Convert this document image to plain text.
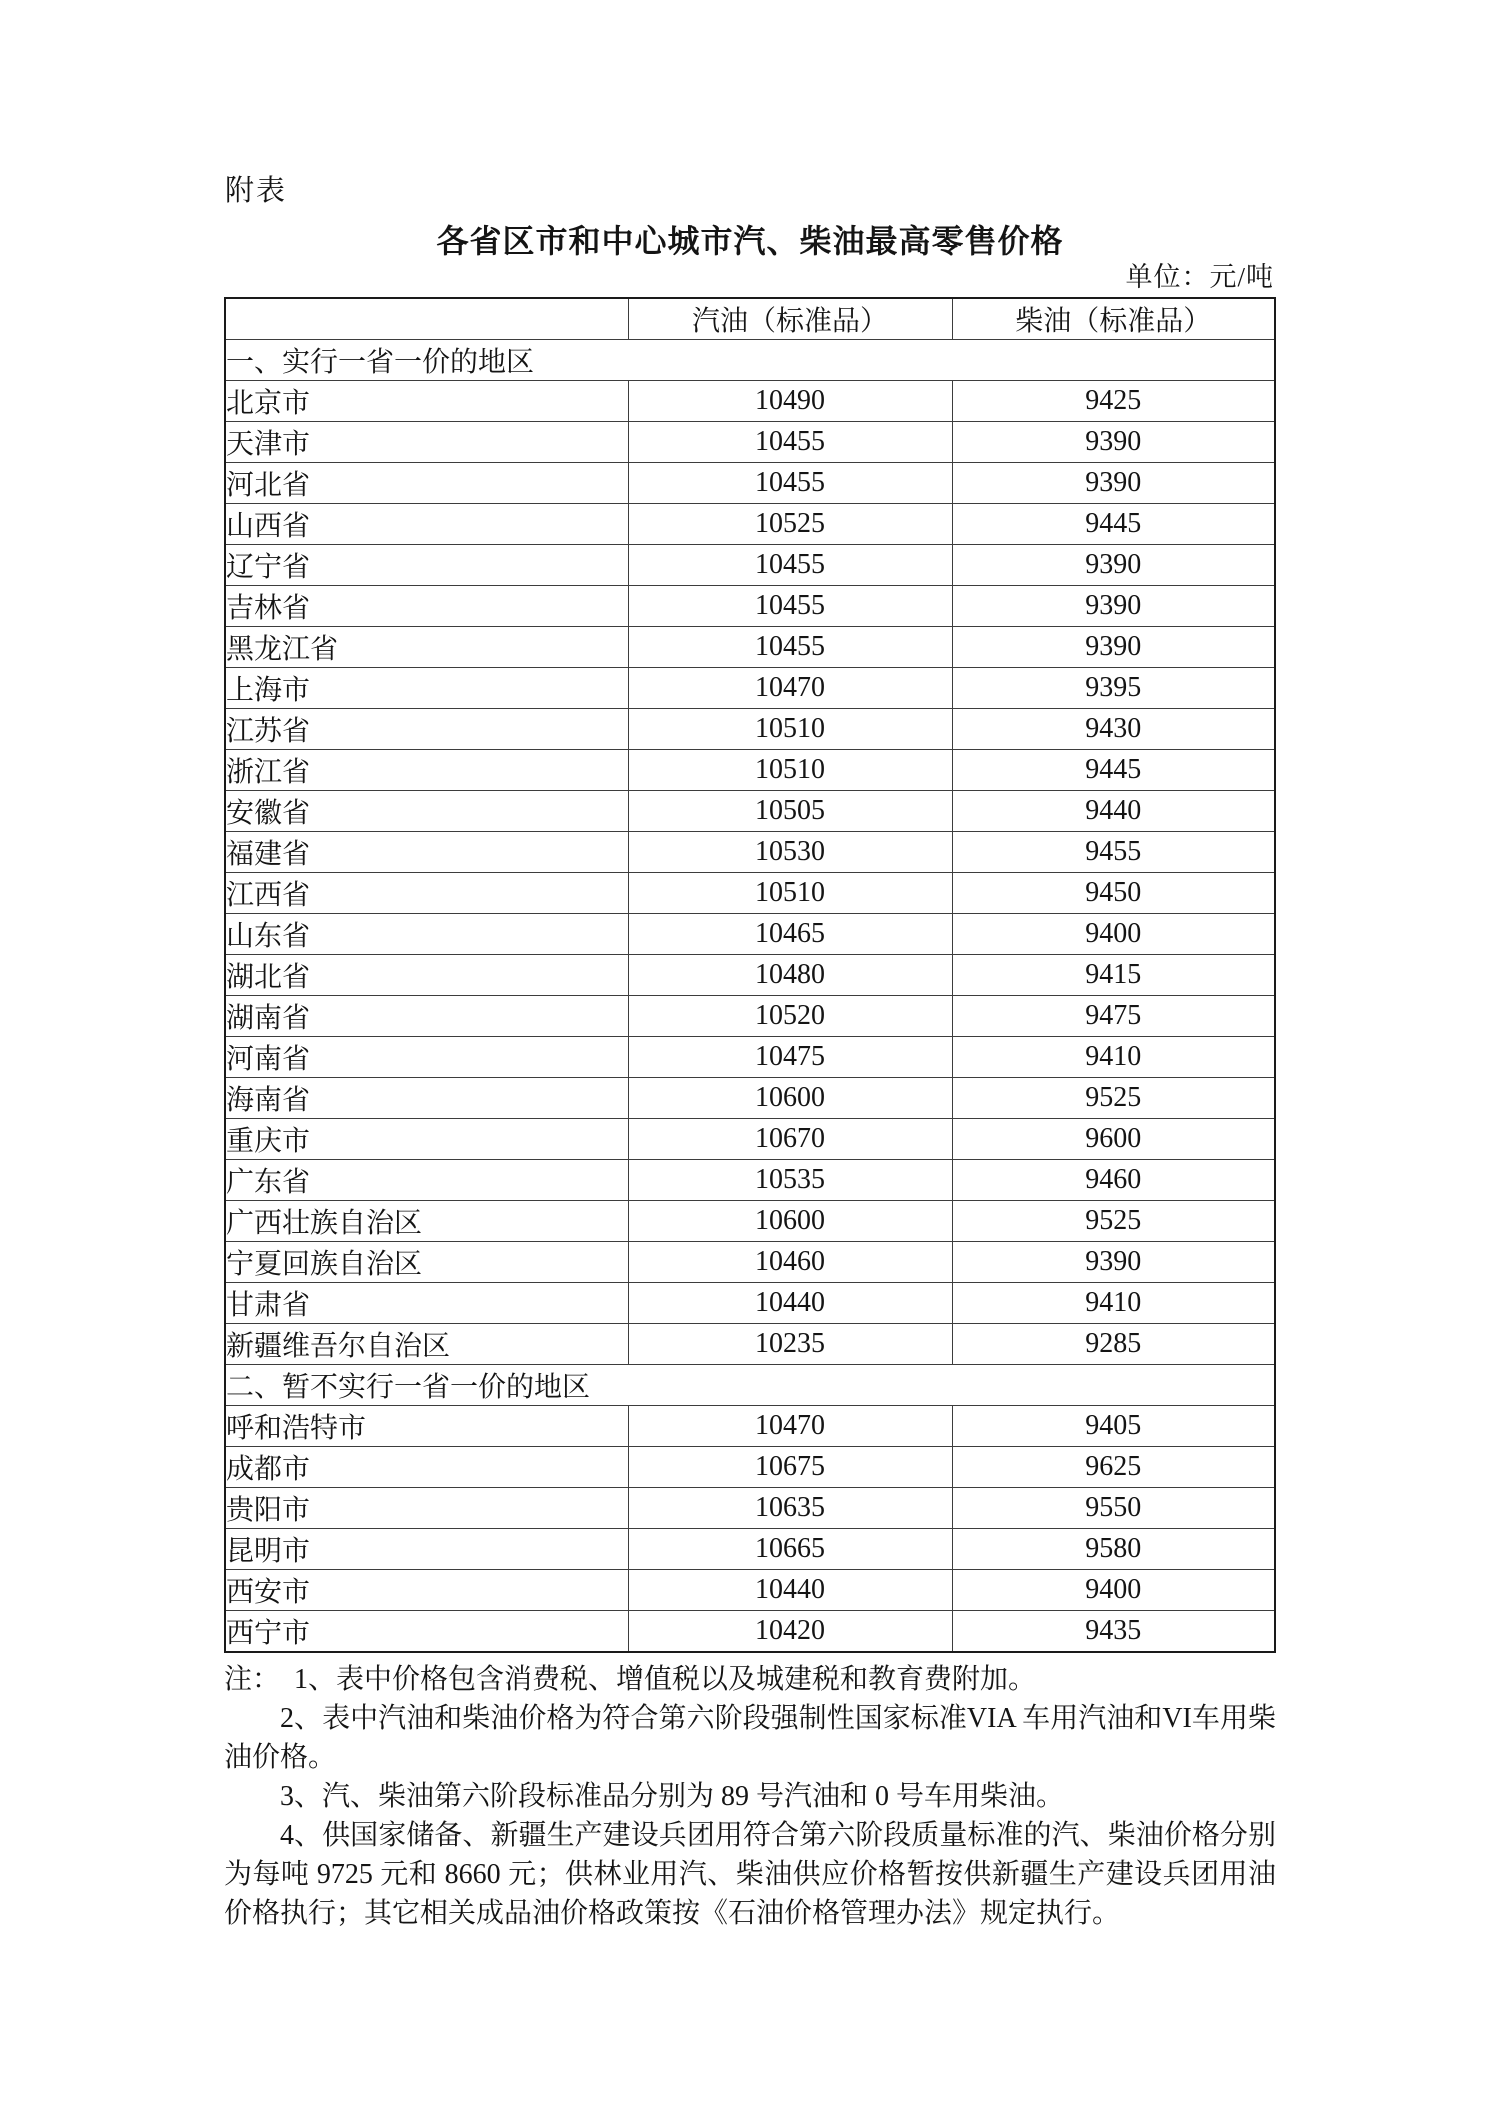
附表
各省区市和中心城市汽、柴油最高零售价格
单位：元/吨
	汽油（标准品）	柴油（标准品）
一、实行一省一价的地区		
北京市	10490	9425
天津市	10455	9390
河北省	10455	9390
山西省	10525	9445
辽宁省	10455	9390
吉林省	10455	9390
黑龙江省	10455	9390
上海市	10470	9395
江苏省	10510	9430
浙江省	10510	9445
安徽省	10505	9440
福建省	10530	9455
江西省	10510	9450
山东省	10465	9400
湖北省	10480	9415
湖南省	10520	9475
河南省	10475	9410
海南省	10600	9525
重庆市	10670	9600
广东省	10535	9460
广西壮族自治区	10600	9525
宁夏回族自治区	10460	9390
甘肃省	10440	9410
新疆维吾尔自治区	10235	9285
二、暂不实行一省一价的地区		
呼和浩特市	10470	9405
成都市	10675	9625
贵阳市	10635	9550
昆明市	10665	9580
西安市	10440	9400
西宁市	10420	9435

注： 1、表中价格包含消费税、增值税以及城建税和教育费附加。

2、表中汽油和柴油价格为符合第六阶段强制性国家标准VIA 车用汽油和VI车用柴油价格。

3、汽、柴油第六阶段标准品分别为 89 号汽油和 0 号车用柴油。

4、供国家储备、新疆生产建设兵团用符合第六阶段质量标准的汽、柴油价格分别为每吨 9725 元和 8660 元；供林业用汽、柴油供应价格暂按供新疆生产建设兵团用油价格执行；其它相关成品油价格政策按《石油价格管理办法》规定执行。
